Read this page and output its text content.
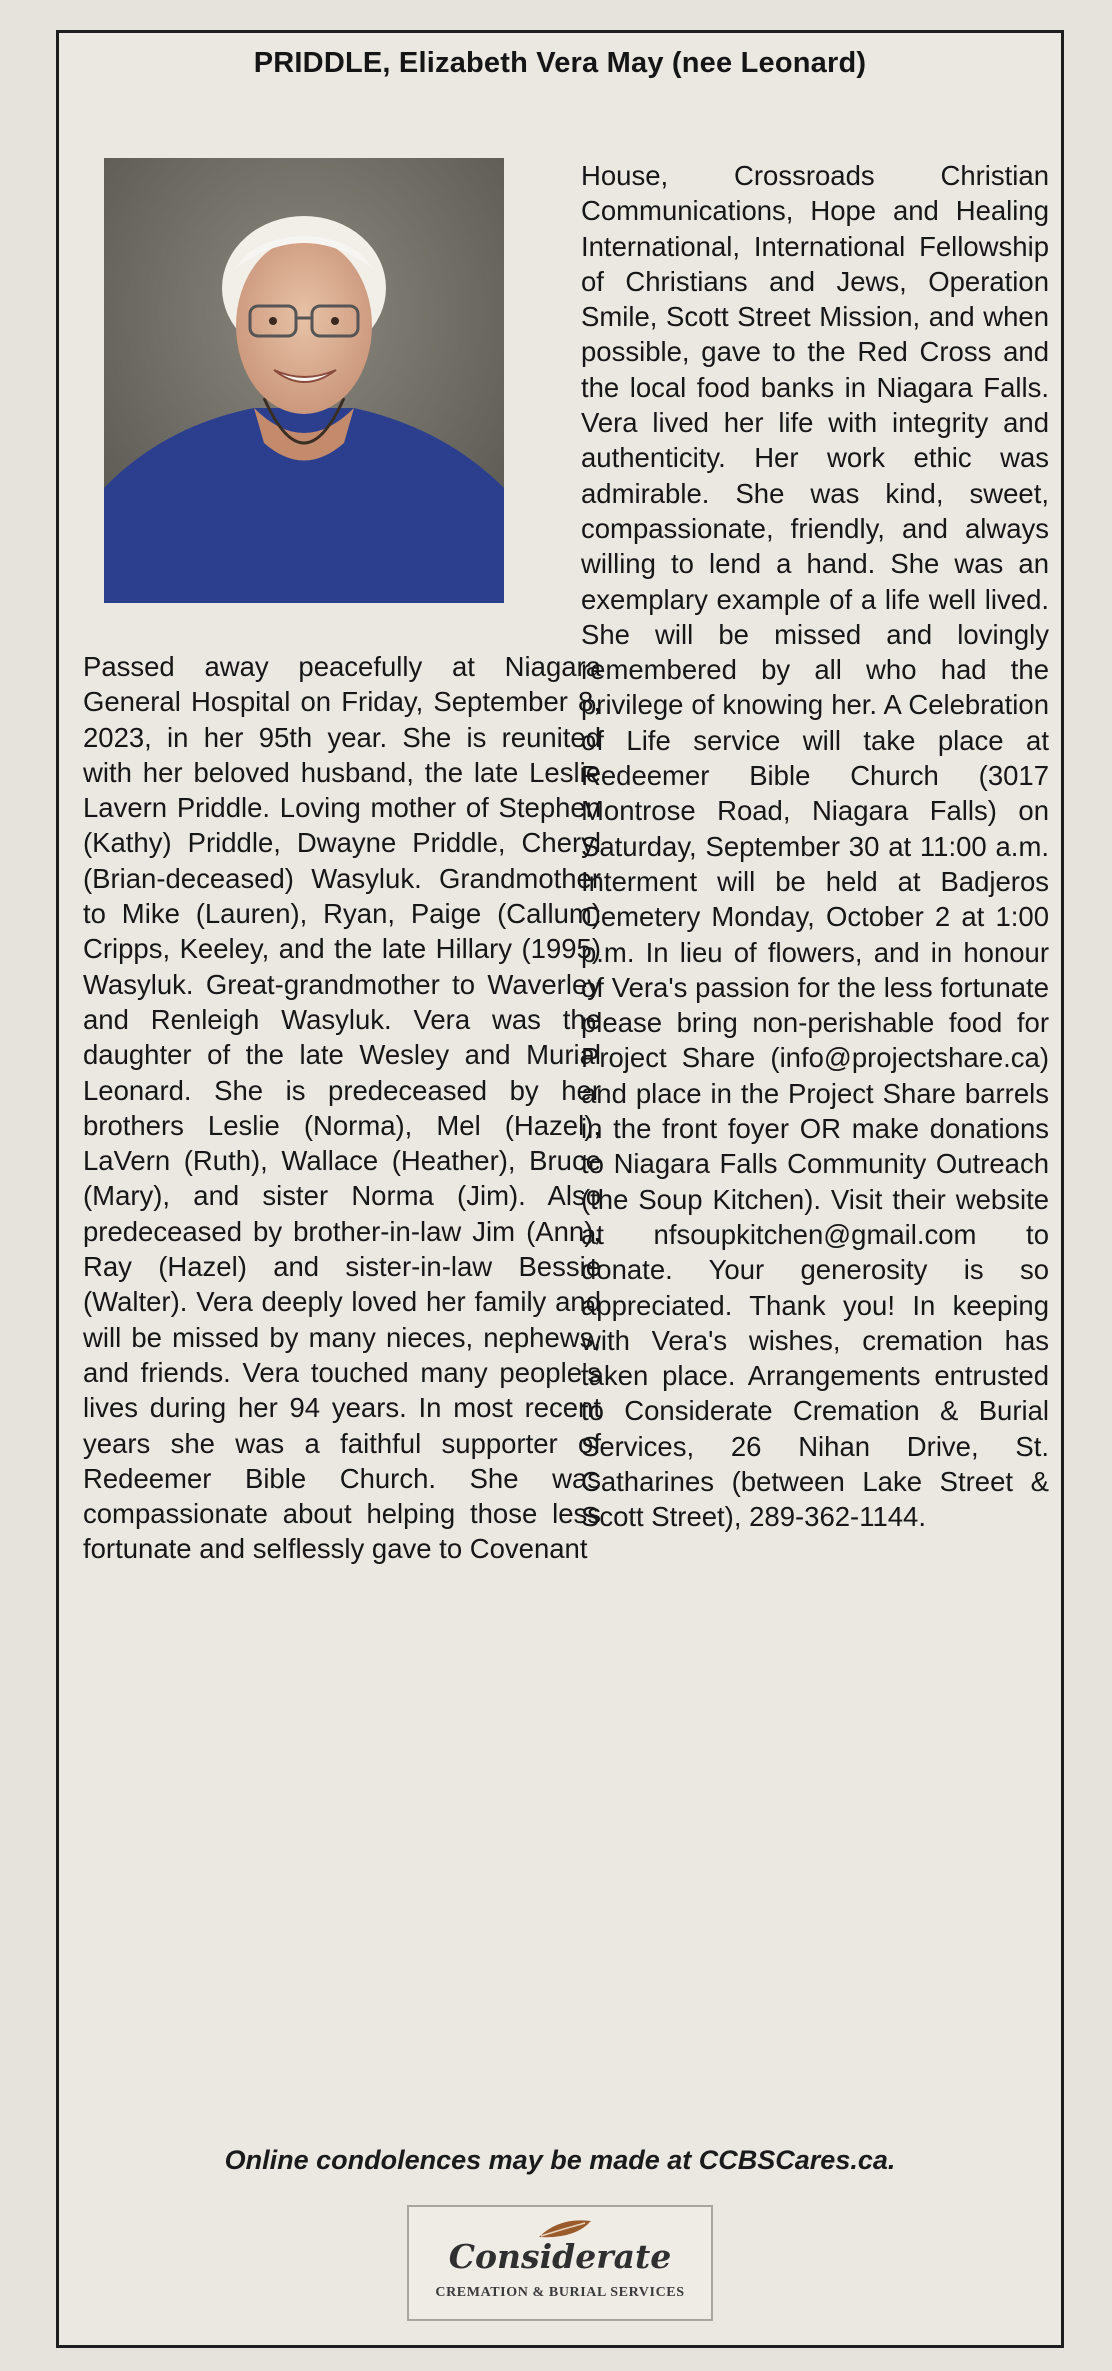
PRIDDLE, Elizabeth Vera May (nee Leonard)

Passed away peacefully at Niagara General Hospital on Friday, September 8, 2023, in her 95th year. She is reunited with her beloved husband, the late Leslie Lavern Priddle. Loving mother of Stephen (Kathy) Priddle, Dwayne Priddle, Cheryl (Brian-deceased) Wasyluk. Grandmother to Mike (Lauren), Ryan, Paige (Callum) Cripps, Keeley, and the late Hillary (1995) Wasyluk. Great-grandmother to Waverley and Renleigh Wasyluk. Vera was the daughter of the late Wesley and Murial Leonard. She is predeceased by her brothers Leslie (Norma), Mel (Hazel), LaVern (Ruth), Wallace (Heather), Bruce (Mary), and sister Norma (Jim). Also predeceased by brother-in-law Jim (Ann), Ray (Hazel) and sister-in-law Bessie (Walter). Vera deeply loved her family and will be missed by many nieces, nephews, and friends. Vera touched many people's lives during her 94 years. In most recent years she was a faithful supporter of Redeemer Bible Church. She was compassionate about helping those less fortunate and selflessly gave to Covenant

House, Crossroads Christian Communications, Hope and Healing International, International Fellowship of Christians and Jews, Operation Smile, Scott Street Mission, and when possible, gave to the Red Cross and the local food banks in Niagara Falls. Vera lived her life with integrity and authenticity. Her work ethic was admirable. She was kind, sweet, compassionate, friendly, and always willing to lend a hand. She was an exemplary example of a life well lived. She will be missed and lovingly remembered by all who had the privilege of knowing her. A Celebration of Life service will take place at Redeemer Bible Church (3017 Montrose Road, Niagara Falls) on Saturday, September 30 at 11:00 a.m. Interment will be held at Badjeros Cemetery Monday, October 2 at 1:00 p.m. In lieu of flowers, and in honour of Vera's passion for the less fortunate please bring non-perishable food for Project Share (info@projectshare.ca) and place in the Project Share barrels in the front foyer OR make donations to Niagara Falls Community Outreach (the Soup Kitchen). Visit their website at nfsoupkitchen@gmail.com to donate. Your generosity is so appreciated. Thank you! In keeping with Vera's wishes, cremation has taken place. Arrangements entrusted to Considerate Cremation & Burial Services, 26 Nihan Drive, St. Catharines (between Lake Street & Scott Street), 289-362-1144.

Online condolences may be made at CCBSCares.ca.
Considerate
CREMATION & BURIAL SERVICES
